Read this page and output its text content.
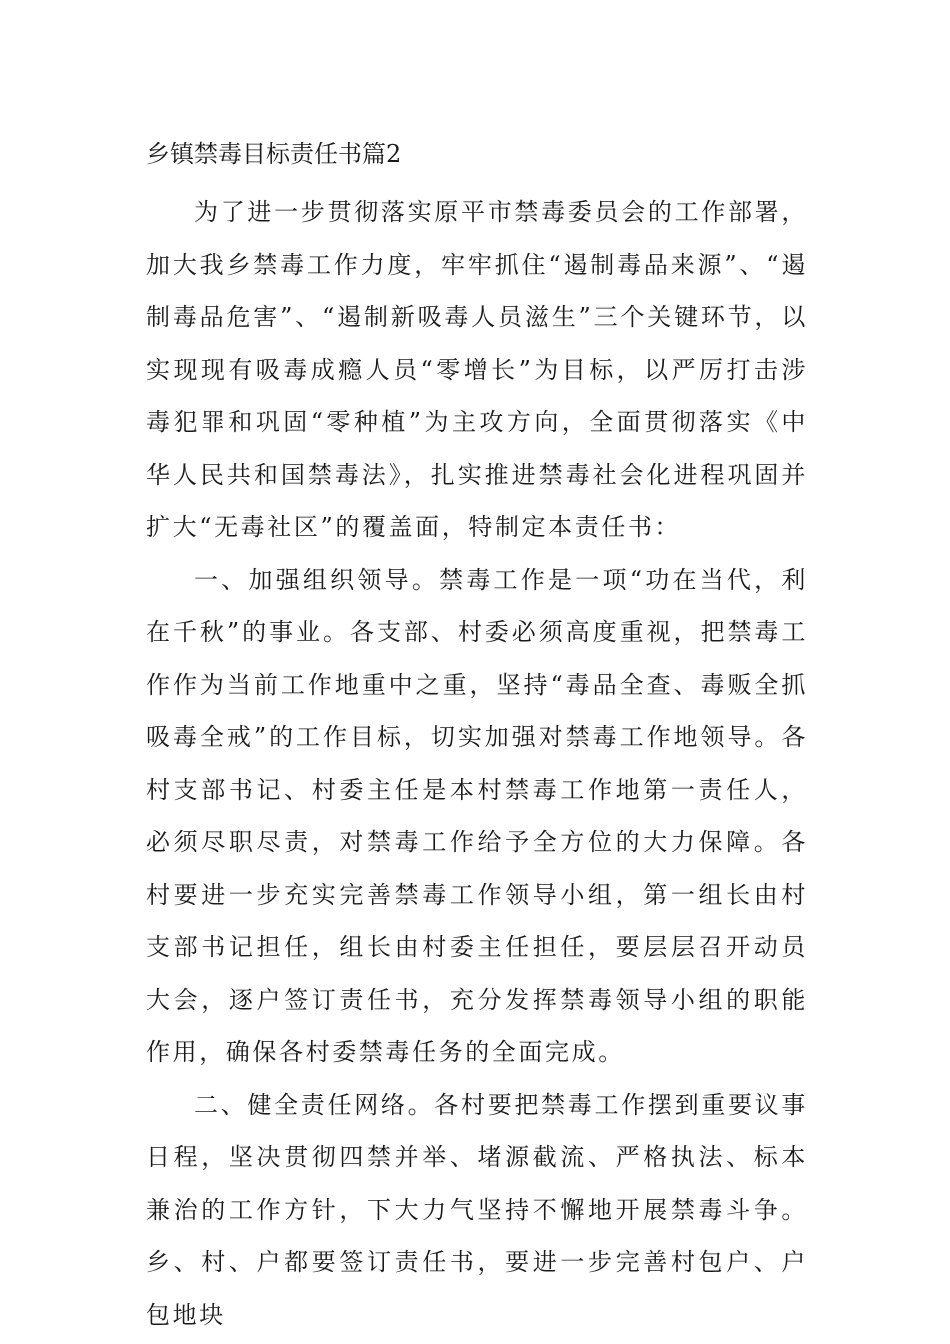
乡镇禁毒目标责任书篇2

为了进一步贯彻落实原平市禁毒委员会的工作部署，加大我乡禁毒工作力度，牢牢抓住“遏制毒品来源”、“遏制毒品危害”、“遏制新吸毒人员滋生”三个关键环节，以实现现有吸毒成瘾人员“零增长”为目标，以严厉打击涉毒犯罪和巩固“零种植”为主攻方向，全面贯彻落实《中华人民共和国禁毒法》，扎实推进禁毒社会化进程巩固并扩大“无毒社区”的覆盖面，特制定本责任书：

一、加强组织领导。禁毒工作是一项“功在当代，利在千秋”的事业。各支部、村委必须高度重视，把禁毒工作作为当前工作地重中之重，坚持“毒品全查、毒贩全抓吸毒全戒”的工作目标，切实加强对禁毒工作地领导。各村支部书记、村委主任是本村禁毒工作地第一责任人，必须尽职尽责，对禁毒工作给予全方位的大力保障。各村要进一步充实完善禁毒工作领导小组，第一组长由村支部书记担任，组长由村委主任担任，要层层召开动员大会，逐户签订责任书，充分发挥禁毒领导小组的职能作用，确保各村委禁毒任务的全面完成。

二、健全责任网络。各村要把禁毒工作摆到重要议事日程，坚决贯彻四禁并举、堵源截流、严格执法、标本兼治的工作方针，下大力气坚持不懈地开展禁毒斗争。乡、村、户都要签订责任书，要进一步完善村包户、户包地块
